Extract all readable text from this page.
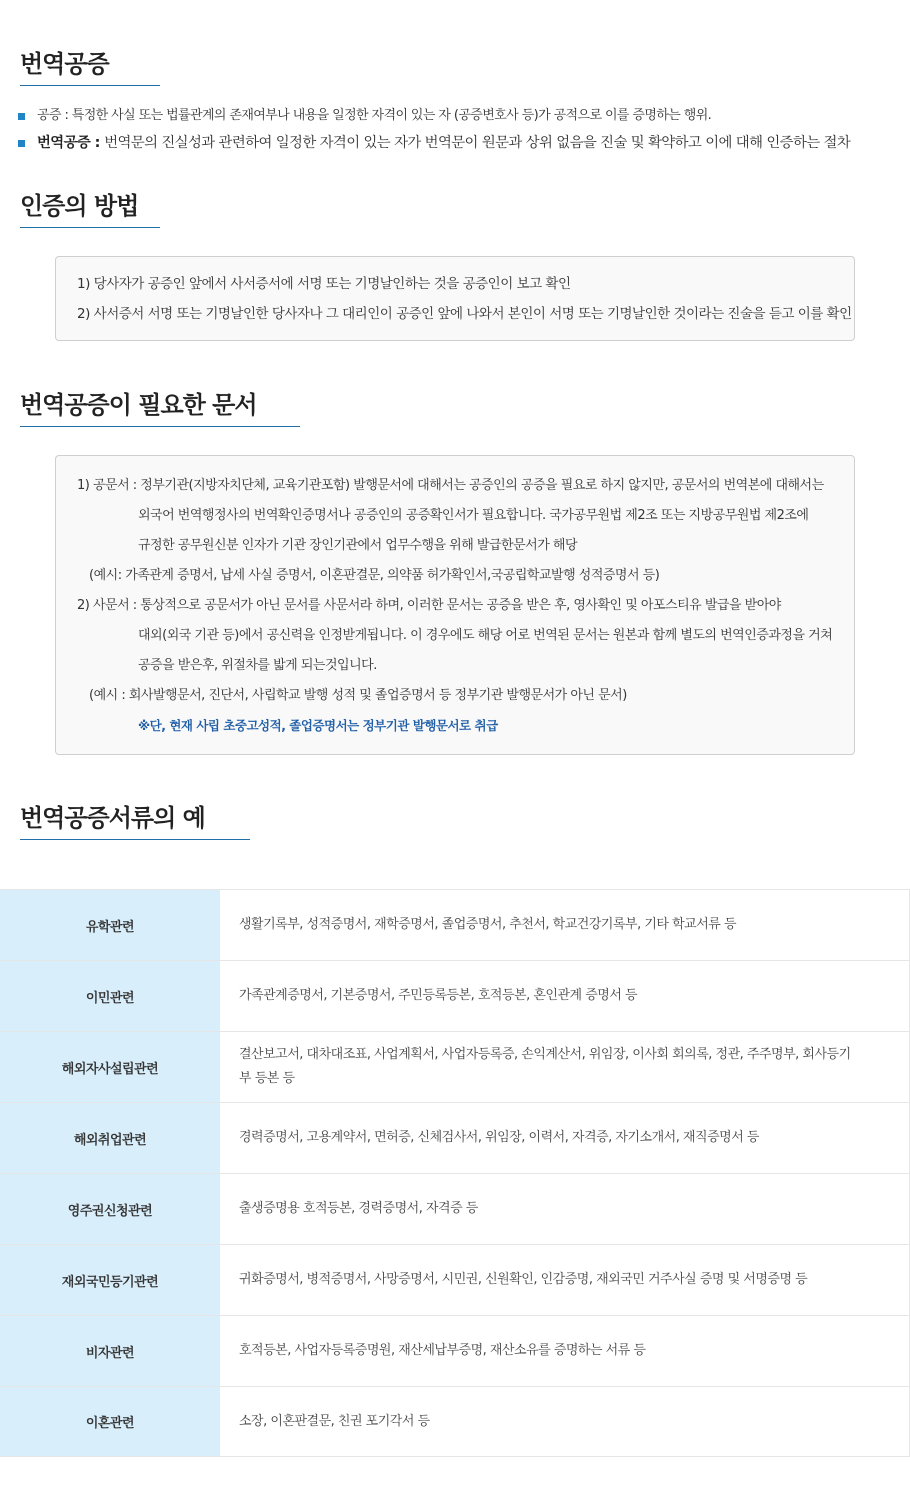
번역공증
공증 : 특정한 사실 또는 법률관계의 존재여부나 내용을 일정한 자격이 있는 자 (공증변호사 등)가 공적으로 이를 증명하는 행위.
번역공증 : 번역문의 진실성과 관련하여 일정한 자격이 있는 자가 번역문이 원문과 상위 없음을 진술 및 확약하고 이에 대해 인증하는 절차
인증의 방법
1) 당사자가 공증인 앞에서 사서증서에 서명 또는 기명날인하는 것을 공증인이 보고 확인
2) 사서증서 서명 또는 기명날인한 당사자나 그 대리인이 공증인 앞에 나와서 본인이 서명 또는 기명날인한 것이라는 진술을 듣고 이를 확인
번역공증이 필요한 문서
1) 공문서 : 정부기관(지방자치단체, 교육기관포함) 발행문서에 대해서는 공증인의 공증을 필요로 하지 않지만, 공문서의 번역본에 대해서는
외국어 번역행정사의 번역확인증명서나 공증인의 공증확인서가 필요합니다. 국가공무원법 제2조 또는 지방공무원법 제2조에
규정한 공무원신분 인자가 기관 장인기관에서 업무수행을 위해 발급한문서가 해당
(예시: 가족관계 증명서, 납세 사실 증명서, 이혼판결문, 의약품 허가확인서,국공립학교발행 성적증명서 등)
2) 사문서 : 통상적으로 공문서가 아닌 문서를 사문서라 하며, 이러한 문서는 공증을 받은 후, 영사확인 및 아포스티유 발급을 받아야
대외(외국 기관 등)에서 공신력을 인정받게됩니다. 이 경우에도 해당 어로 번역된 문서는 원본과 함께 별도의 번역인증과정을 거쳐
공증을 받은후, 위절차를 밟게 되는것입니다.
(예시 : 회사발행문서, 진단서, 사립학교 발행 성적 및 졸업증명서 등 정부기관 발행문서가 아닌 문서)
※단, 현재 사립 초중고성적, 졸업증명서는 정부기관 발행문서로 취급
번역공증서류의 예
유학관련	생활기록부, 성적증명서, 재학증명서, 졸업증명서, 추천서, 학교건강기록부, 기타 학교서류 등
이민관련	가족관계증명서, 기본증명서, 주민등록등본, 호적등본, 혼인관계 증명서 등
해외자사설립관련	결산보고서, 대차대조표, 사업계획서, 사업자등록증, 손익계산서, 위임장, 이사회 회의록, 정관, 주주명부, 회사등기부 등본 등
해외취업관련	경력증명서, 고용계약서, 면허증, 신체검사서, 위임장, 이력서, 자격증, 자기소개서, 재직증명서 등
영주권신청관련	출생증명용 호적등본, 경력증명서, 자격증 등
재외국민등기관련	귀화증명서, 병적증명서, 사망증명서, 시민권, 신원확인, 인감증명, 재외국민 거주사실 증명 및 서명증명 등
비자관련	호적등본, 사업자등록증명원, 재산세납부증명, 재산소유를 증명하는 서류 등
이혼관련	소장, 이혼판결문, 친권 포기각서 등
